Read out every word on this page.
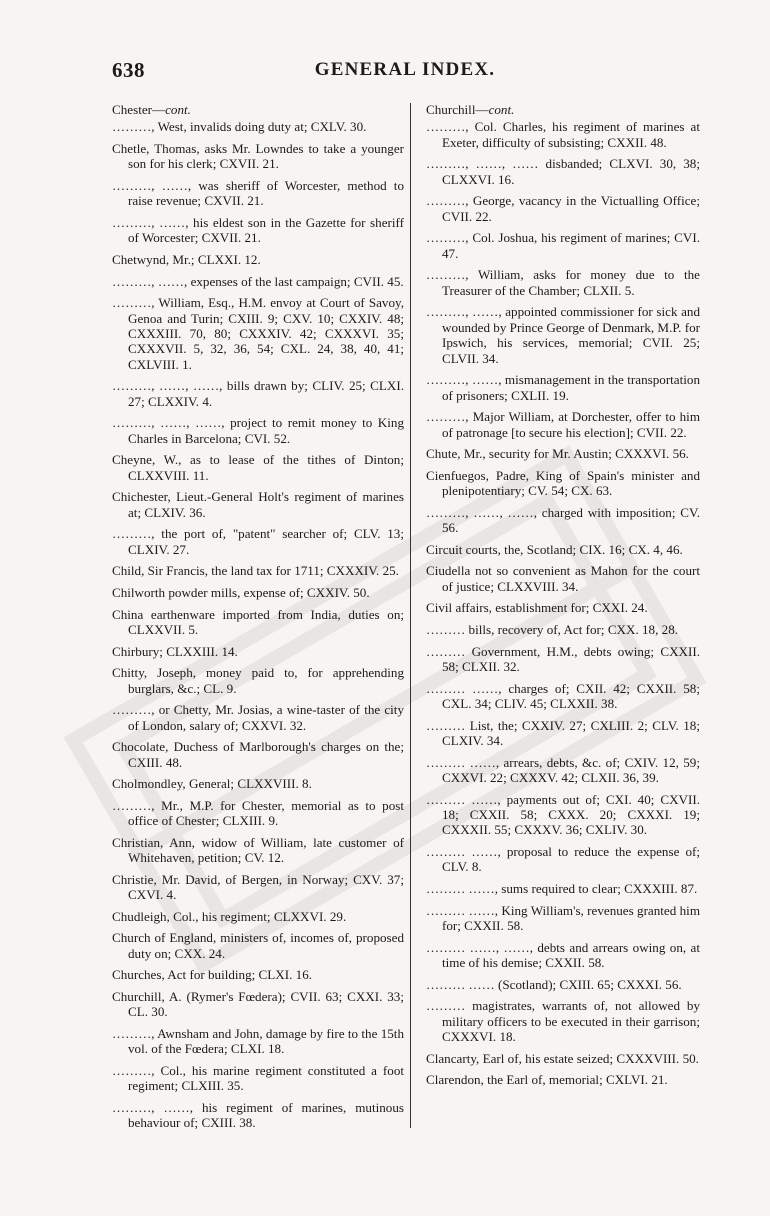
638	GENERAL INDEX.

Chester—cont.

………, West, invalids doing duty at; CXLV. 30.

Chetle, Thomas, asks Mr. Lowndes to take a younger son for his clerk; CXVII. 21.

………, ……, was sheriff of Worcester, method to raise revenue; CXVII. 21.

………, ……, his eldest son in the Gazette for sheriff of Worcester; CXVII. 21.

Chetwynd, Mr.; CLXXI. 12.

………, ……, expenses of the last campaign; CVII. 45.

………, William, Esq., H.M. envoy at Court of Savoy, Genoa and Turin; CXIII. 9; CXV. 10; CXXIV. 48; CXXXIII. 70, 80; CXXXIV. 42; CXXXVI. 35; CXXXVII. 5, 32, 36, 54; CXL. 24, 38, 40, 41; CXLVIII. 1.

………, ……, ……, bills drawn by; CLIV. 25; CLXI. 27; CLXXIV. 4.

………, ……, ……, project to remit money to King Charles in Barcelona; CVI. 52.

Cheyne, W., as to lease of the tithes of Dinton; CLXXVIII. 11.

Chichester, Lieut.-General Holt's regiment of marines at; CLXIV. 36.

………, the port of, "patent" searcher of; CLV. 13; CLXIV. 27.

Child, Sir Francis, the land tax for 1711; CXXXIV. 25.

Chilworth powder mills, expense of; CXXIV. 50.

China earthenware imported from India, duties on; CLXXVII. 5.

Chirbury; CLXXIII. 14.

Chitty, Joseph, money paid to, for apprehending burglars, &c.; CL. 9.

………, or Chetty, Mr. Josias, a wine-taster of the city of London, salary of; CXXVI. 32.

Chocolate, Duchess of Marlborough's charges on the; CXIII. 48.

Cholmondley, General; CLXXVIII. 8.

………, Mr., M.P. for Chester, memorial as to post office of Chester; CLXIII. 9.

Christian, Ann, widow of William, late customer of Whitehaven, petition; CV. 12.

Christie, Mr. David, of Bergen, in Norway; CXV. 37; CXVI. 4.

Chudleigh, Col., his regiment; CLXXVI. 29.

Church of England, ministers of, incomes of, proposed duty on; CXX. 24.

Churches, Act for building; CLXI. 16.

Churchill, A. (Rymer's Fœdera); CVII. 63; CXXI. 33; CL. 30.

………, Awnsham and John, damage by fire to the 15th vol. of the Fœdera; CLXI. 18.

………, Col., his marine regiment constituted a foot regiment; CLXIII. 35.

………, ……, his regiment of marines, mutinous behaviour of; CXIII. 38.

Churchill—cont.

………, Col. Charles, his regiment of marines at Exeter, difficulty of subsisting; CXXII. 48.

………, ……, …… disbanded; CLXVI. 30, 38; CLXXVI. 16.

………, George, vacancy in the Victualling Office; CVII. 22.

………, Col. Joshua, his regiment of marines; CVI. 47.

………, William, asks for money due to the Treasurer of the Chamber; CLXII. 5.

………, ……, appointed commissioner for sick and wounded by Prince George of Denmark, M.P. for Ipswich, his services, memorial; CVII. 25; CLVII. 34.

………, ……, mismanagement in the transportation of prisoners; CXLII. 19.

………, Major William, at Dorchester, offer to him of patronage [to secure his election]; CVII. 22.

Chute, Mr., security for Mr. Austin; CXXXVI. 56.

Cienfuegos, Padre, King of Spain's minister and plenipotentiary; CV. 54; CX. 63.

………, ……, ……, charged with imposition; CV. 56.

Circuit courts, the, Scotland; CIX. 16; CX. 4, 46.

Ciudella not so convenient as Mahon for the court of justice; CLXXVIII. 34.

Civil affairs, establishment for; CXXI. 24.

……… bills, recovery of, Act for; CXX. 18, 28.

……… Government, H.M., debts owing; CXXII. 58; CLXII. 32.

……… ……, charges of; CXII. 42; CXXII. 58; CXL. 34; CLIV. 45; CLXXII. 38.

……… List, the; CXXIV. 27; CXLIII. 2; CLV. 18; CLXIV. 34.

……… ……, arrears, debts, &c. of; CXIV. 12, 59; CXXVI. 22; CXXXV. 42; CLXII. 36, 39.

……… ……, payments out of; CXI. 40; CXVII. 18; CXXII. 58; CXXX. 20; CXXXI. 19; CXXXII. 55; CXXXV. 36; CXLIV. 30.

……… ……, proposal to reduce the expense of; CLV. 8.

……… ……, sums required to clear; CXXXIII. 87.

……… ……, King William's, revenues granted him for; CXXII. 58.

……… ……, ……, debts and arrears owing on, at time of his demise; CXXII. 58.

……… …… (Scotland); CXIII. 65; CXXXI. 56.

……… magistrates, warrants of, not allowed by military officers to be executed in their garrison; CXXXVI. 18.

Clancarty, Earl of, his estate seized; CXXXVIII. 50.

Clarendon, the Earl of, memorial; CXLVI. 21.
